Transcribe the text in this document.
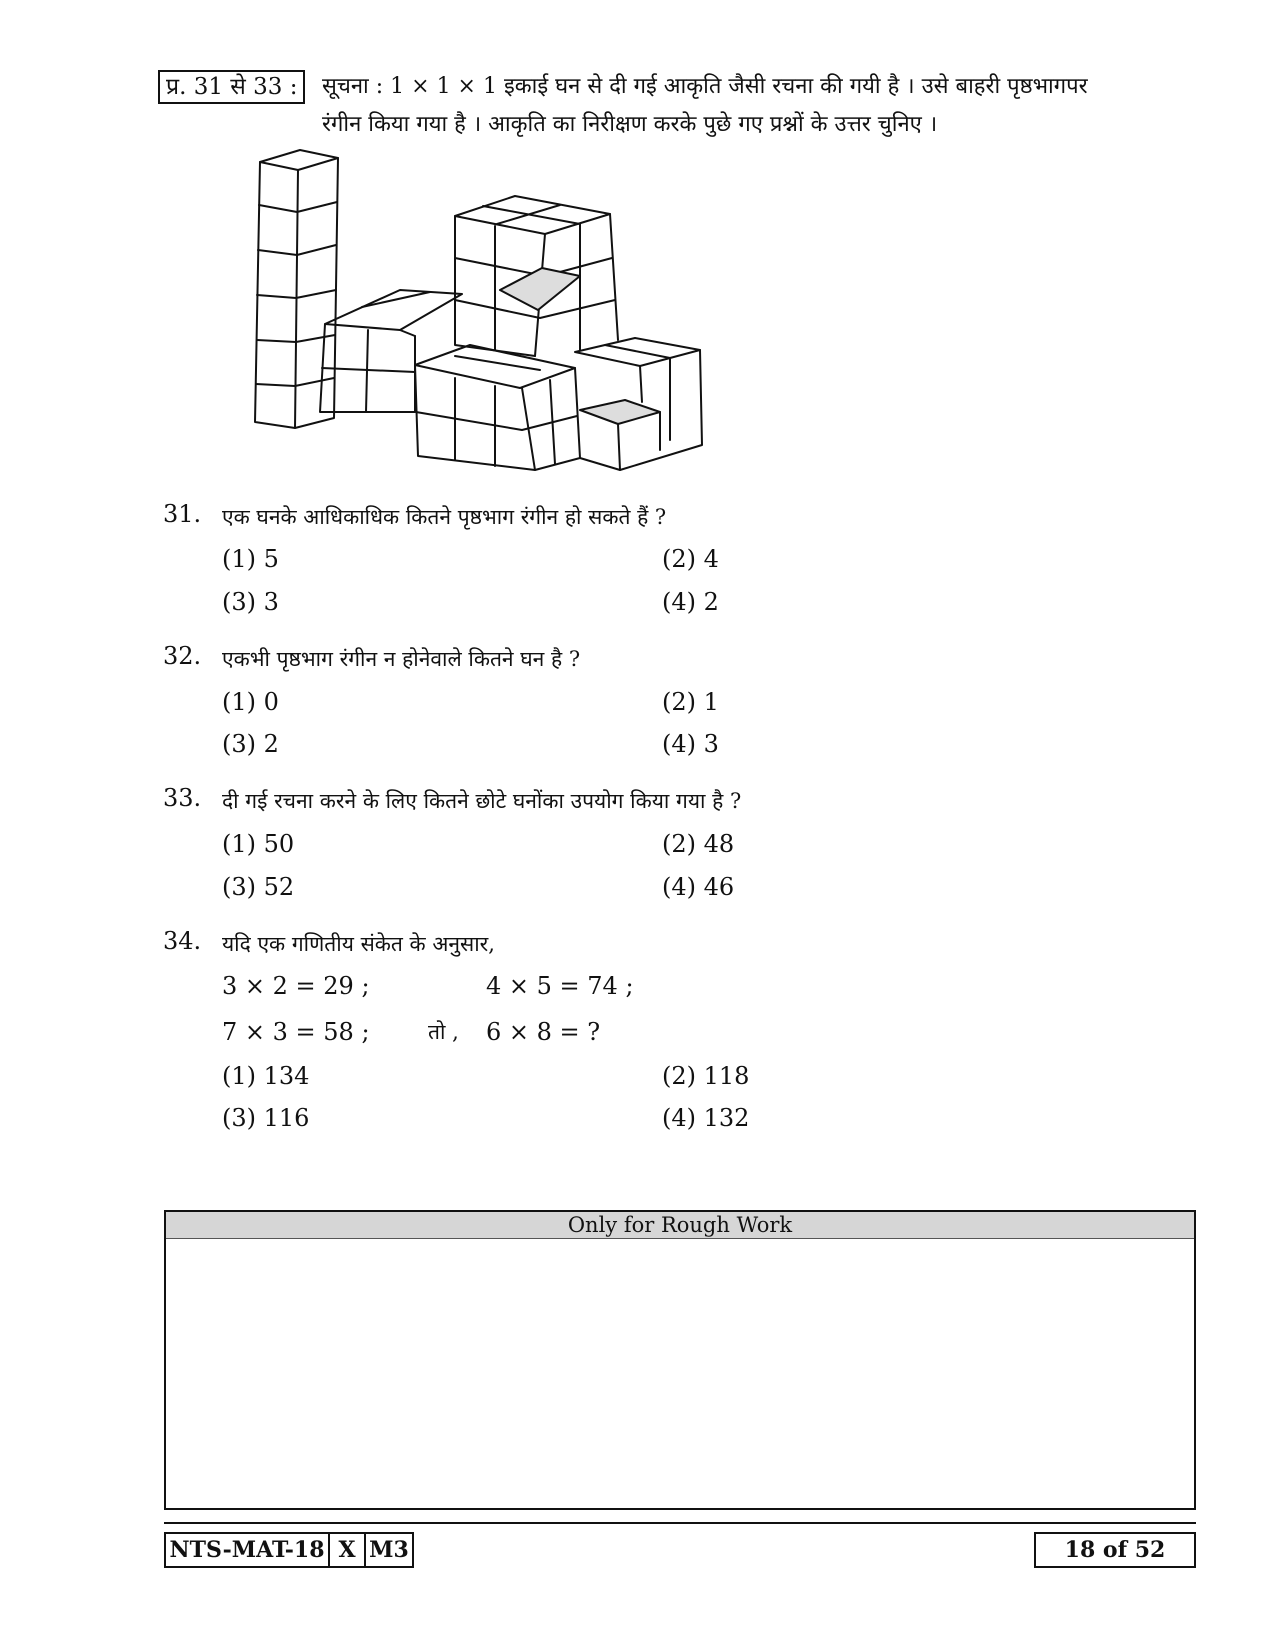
प्र. 31 से 33 :	सूचना : 1 × 1 × 1 इकाई घन से दी गई आकृति जैसी रचना की गयी है । उसे बाहरी पृष्ठभागपर
रंगीन किया गया है । आकृति का निरीक्षण करके पुछे गए प्रश्नों के उत्तर चुनिए ।
31. एक घनके आधिकाधिक कितने पृष्ठभाग रंगीन हो सकते हैं ?
(1) 5	(2) 4
(3) 3	(4) 2
32. एकभी पृष्ठभाग रंगीन न होनेवाले कितने घन है ?
(1) 0	(2) 1
(3) 2	(4) 3
33. दी गई रचना करने के लिए कितने छोटे घनोंका उपयोग किया गया है ?
(1) 50	(2) 48
(3) 52	(4) 46
34. यदि एक गणितीय संकेत के अनुसार,
3 × 2 = 29 ;	4 × 5 = 74 ;
7 × 3 = 58 ;	तो , 6 × 8 = ?
(1) 134	(2) 118
(3) 116	(4) 132
Only for Rough Work
NTS-MAT-18 X M3	18 of 52
